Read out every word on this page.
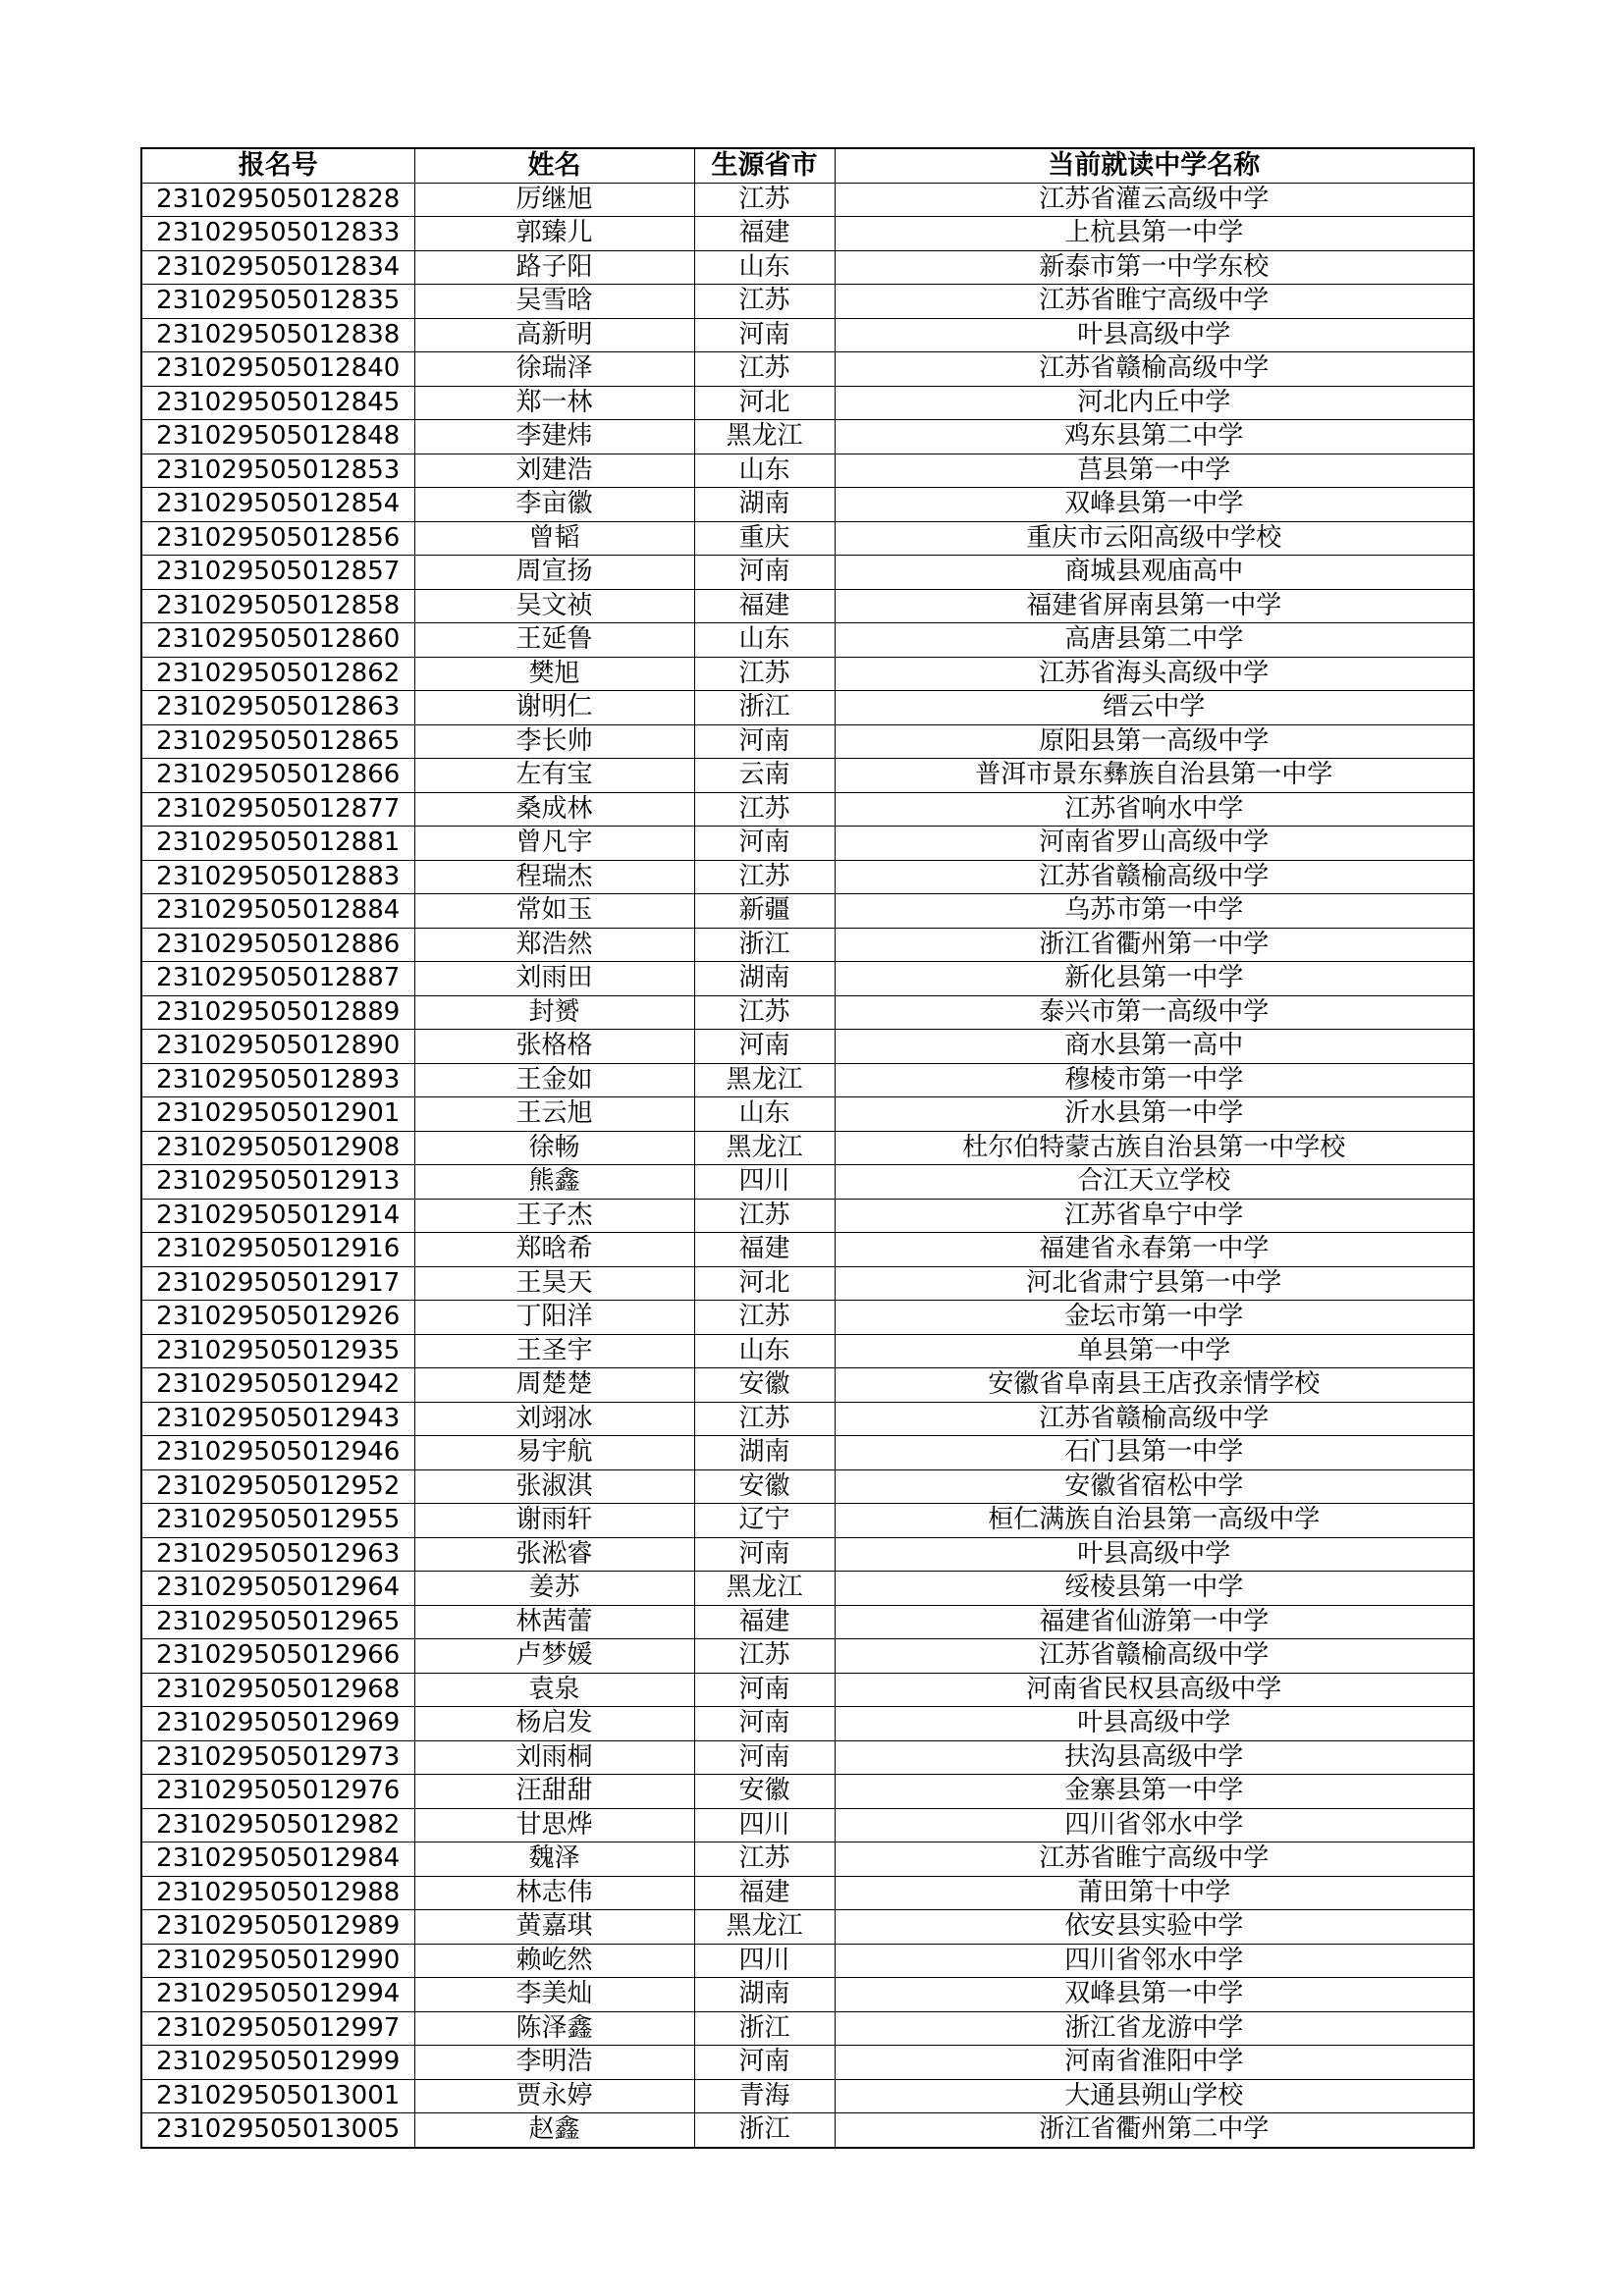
报名号	姓名	生源省市	当前就读中学名称
231029505012828	厉继旭	江苏	江苏省灌云高级中学
231029505012833	郭臻儿	福建	上杭县第一中学
231029505012834	路子阳	山东	新泰市第一中学东校
231029505012835	吴雪晗	江苏	江苏省睢宁高级中学
231029505012838	高新明	河南	叶县高级中学
231029505012840	徐瑞泽	江苏	江苏省赣榆高级中学
231029505012845	郑一林	河北	河北内丘中学
231029505012848	李建炜	黑龙江	鸡东县第二中学
231029505012853	刘建浩	山东	莒县第一中学
231029505012854	李亩徽	湖南	双峰县第一中学
231029505012856	曾韬	重庆	重庆市云阳高级中学校
231029505012857	周宣扬	河南	商城县观庙高中
231029505012858	吴文祯	福建	福建省屏南县第一中学
231029505012860	王延鲁	山东	高唐县第二中学
231029505012862	樊旭	江苏	江苏省海头高级中学
231029505012863	谢明仁	浙江	缙云中学
231029505012865	李长帅	河南	原阳县第一高级中学
231029505012866	左有宝	云南	普洱市景东彝族自治县第一中学
231029505012877	桑成林	江苏	江苏省响水中学
231029505012881	曾凡宇	河南	河南省罗山高级中学
231029505012883	程瑞杰	江苏	江苏省赣榆高级中学
231029505012884	常如玉	新疆	乌苏市第一中学
231029505012886	郑浩然	浙江	浙江省衢州第一中学
231029505012887	刘雨田	湖南	新化县第一中学
231029505012889	封赟	江苏	泰兴市第一高级中学
231029505012890	张格格	河南	商水县第一高中
231029505012893	王金如	黑龙江	穆棱市第一中学
231029505012901	王云旭	山东	沂水县第一中学
231029505012908	徐畅	黑龙江	杜尔伯特蒙古族自治县第一中学校
231029505012913	熊鑫	四川	合江天立学校
231029505012914	王子杰	江苏	江苏省阜宁中学
231029505012916	郑晗希	福建	福建省永春第一中学
231029505012917	王昊天	河北	河北省肃宁县第一中学
231029505012926	丁阳洋	江苏	金坛市第一中学
231029505012935	王圣宇	山东	单县第一中学
231029505012942	周楚楚	安徽	安徽省阜南县王店孜亲情学校
231029505012943	刘翊冰	江苏	江苏省赣榆高级中学
231029505012946	易宇航	湖南	石门县第一中学
231029505012952	张淑淇	安徽	安徽省宿松中学
231029505012955	谢雨轩	辽宁	桓仁满族自治县第一高级中学
231029505012963	张淞睿	河南	叶县高级中学
231029505012964	姜苏	黑龙江	绥棱县第一中学
231029505012965	林茜蕾	福建	福建省仙游第一中学
231029505012966	卢梦媛	江苏	江苏省赣榆高级中学
231029505012968	袁泉	河南	河南省民权县高级中学
231029505012969	杨启发	河南	叶县高级中学
231029505012973	刘雨桐	河南	扶沟县高级中学
231029505012976	汪甜甜	安徽	金寨县第一中学
231029505012982	甘思烨	四川	四川省邻水中学
231029505012984	魏泽	江苏	江苏省睢宁高级中学
231029505012988	林志伟	福建	莆田第十中学
231029505012989	黄嘉琪	黑龙江	依安县实验中学
231029505012990	赖屹然	四川	四川省邻水中学
231029505012994	李美灿	湖南	双峰县第一中学
231029505012997	陈泽鑫	浙江	浙江省龙游中学
231029505012999	李明浩	河南	河南省淮阳中学
231029505013001	贾永婷	青海	大通县朔山学校
231029505013005	赵鑫	浙江	浙江省衢州第二中学
